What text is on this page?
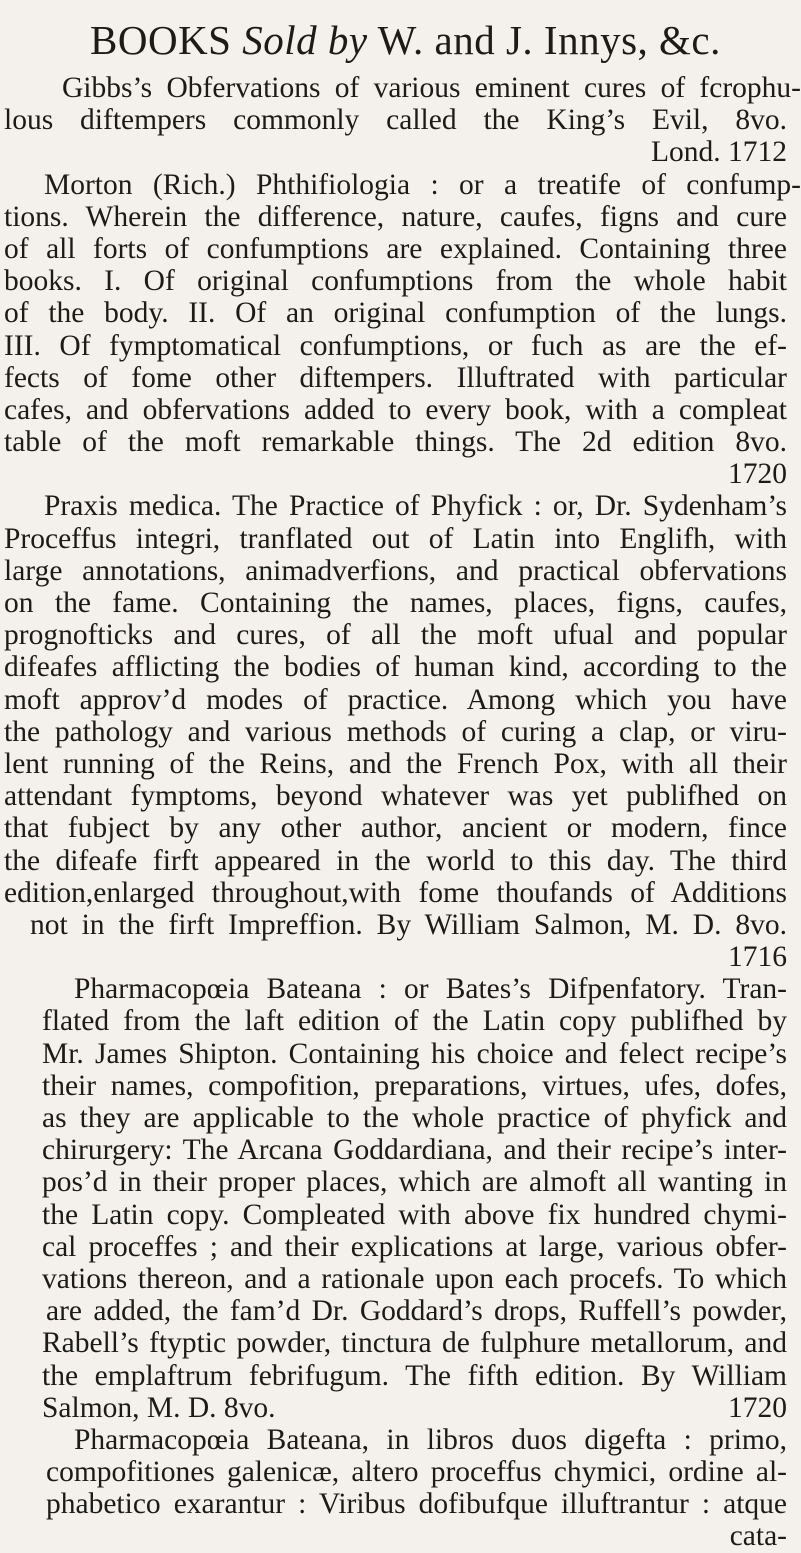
BOOKS Sold by W. and J. Innys, &c.
Gibbs’s Obfervations of various eminent cures of fcrophu-
lous diftempers commonly called the King’s Evil, 8vo.
Lond. 1712
Morton (Rich.) Phthifiologia : or a treatife of confump-
tions. Wherein the difference, nature, caufes, figns and cure
of all forts of confumptions are explained. Containing three
books. I. Of original confumptions from the whole habit
of the body. II. Of an original confumption of the lungs.
III. Of fymptomatical confumptions, or fuch as are the ef-
fects of fome other diftempers. Illuftrated with particular
cafes, and obfervations added to every book, with a compleat
table of the moft remarkable things. The 2d edition 8vo.
1720
Praxis medica. The Practice of Phyfick : or, Dr. Sydenham’s
Proceffus integri, tranflated out of Latin into Englifh, with
large annotations, animadverfions, and practical obfervations
on the fame. Containing the names, places, figns, caufes,
prognofticks and cures, of all the moft ufual and popular
difeafes afflicting the bodies of human kind, according to the
moft approv’d modes of practice. Among which you have
the pathology and various methods of curing a clap, or viru-
lent running of the Reins, and the French Pox, with all their
attendant fymptoms, beyond whatever was yet publifhed on
that fubject by any other author, ancient or modern, fince
the difeafe firft appeared in the world to this day. The third
edition,enlarged throughout,with fome thoufands of Additions
not in the firft Impreffion. By William Salmon, M. D. 8vo.
1716
Pharmacopœia Bateana : or Bates’s Difpenfatory. Tran-
flated from the laft edition of the Latin copy publifhed by
Mr. James Shipton. Containing his choice and felect recipe’s
their names, compofition, preparations, virtues, ufes, dofes,
as they are applicable to the whole practice of phyfick and
chirurgery: The Arcana Goddardiana, and their recipe’s inter-
pos’d in their proper places, which are almoft all wanting in
the Latin copy. Compleated with above fix hundred chymi-
cal proceffes ; and their explications at large, various obfer-
vations thereon, and a rationale upon each procefs. To which
are added, the fam’d Dr. Goddard’s drops, Ruffell’s powder,
Rabell’s ftyptic powder, tinctura de fulphure metallorum, and
the emplaftrum febrifugum. The fifth edition. By William
Salmon, M. D. 8vo.	1720
Pharmacopœia Bateana, in libros duos digefta : primo,
compofitiones galenicæ, altero proceffus chymici, ordine al-
phabetico exarantur : Viribus dofibufque illuftrantur : atque
cata-
